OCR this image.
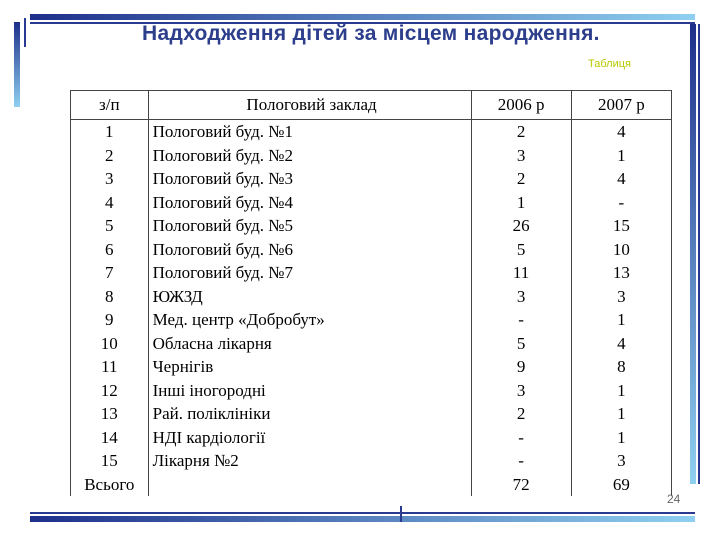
Надходження дітей за місцем народження.
Таблиця
з/п	Пологовий заклад	2006 р	2007 р
1	Пологовий буд. №1	2	4
2	Пологовий буд. №2	3	1
3	Пологовий буд. №3	2	4
4	Пологовий буд. №4	1	-
5	Пологовий буд. №5	26	15
6	Пологовий буд. №6	5	10
7	Пологовий буд. №7	11	13
8	ЮЖЗД	3	3
9	Мед. центр «Добробут»	-	1
10	Обласна лікарня	5	4
11	Чернігів	9	8
12	Інші іногородні	3	1
13	Рай. поліклініки	2	1
14	НДІ кардіології	-	1
15	Лікарня №2	-	3
Всього		72	69
24
